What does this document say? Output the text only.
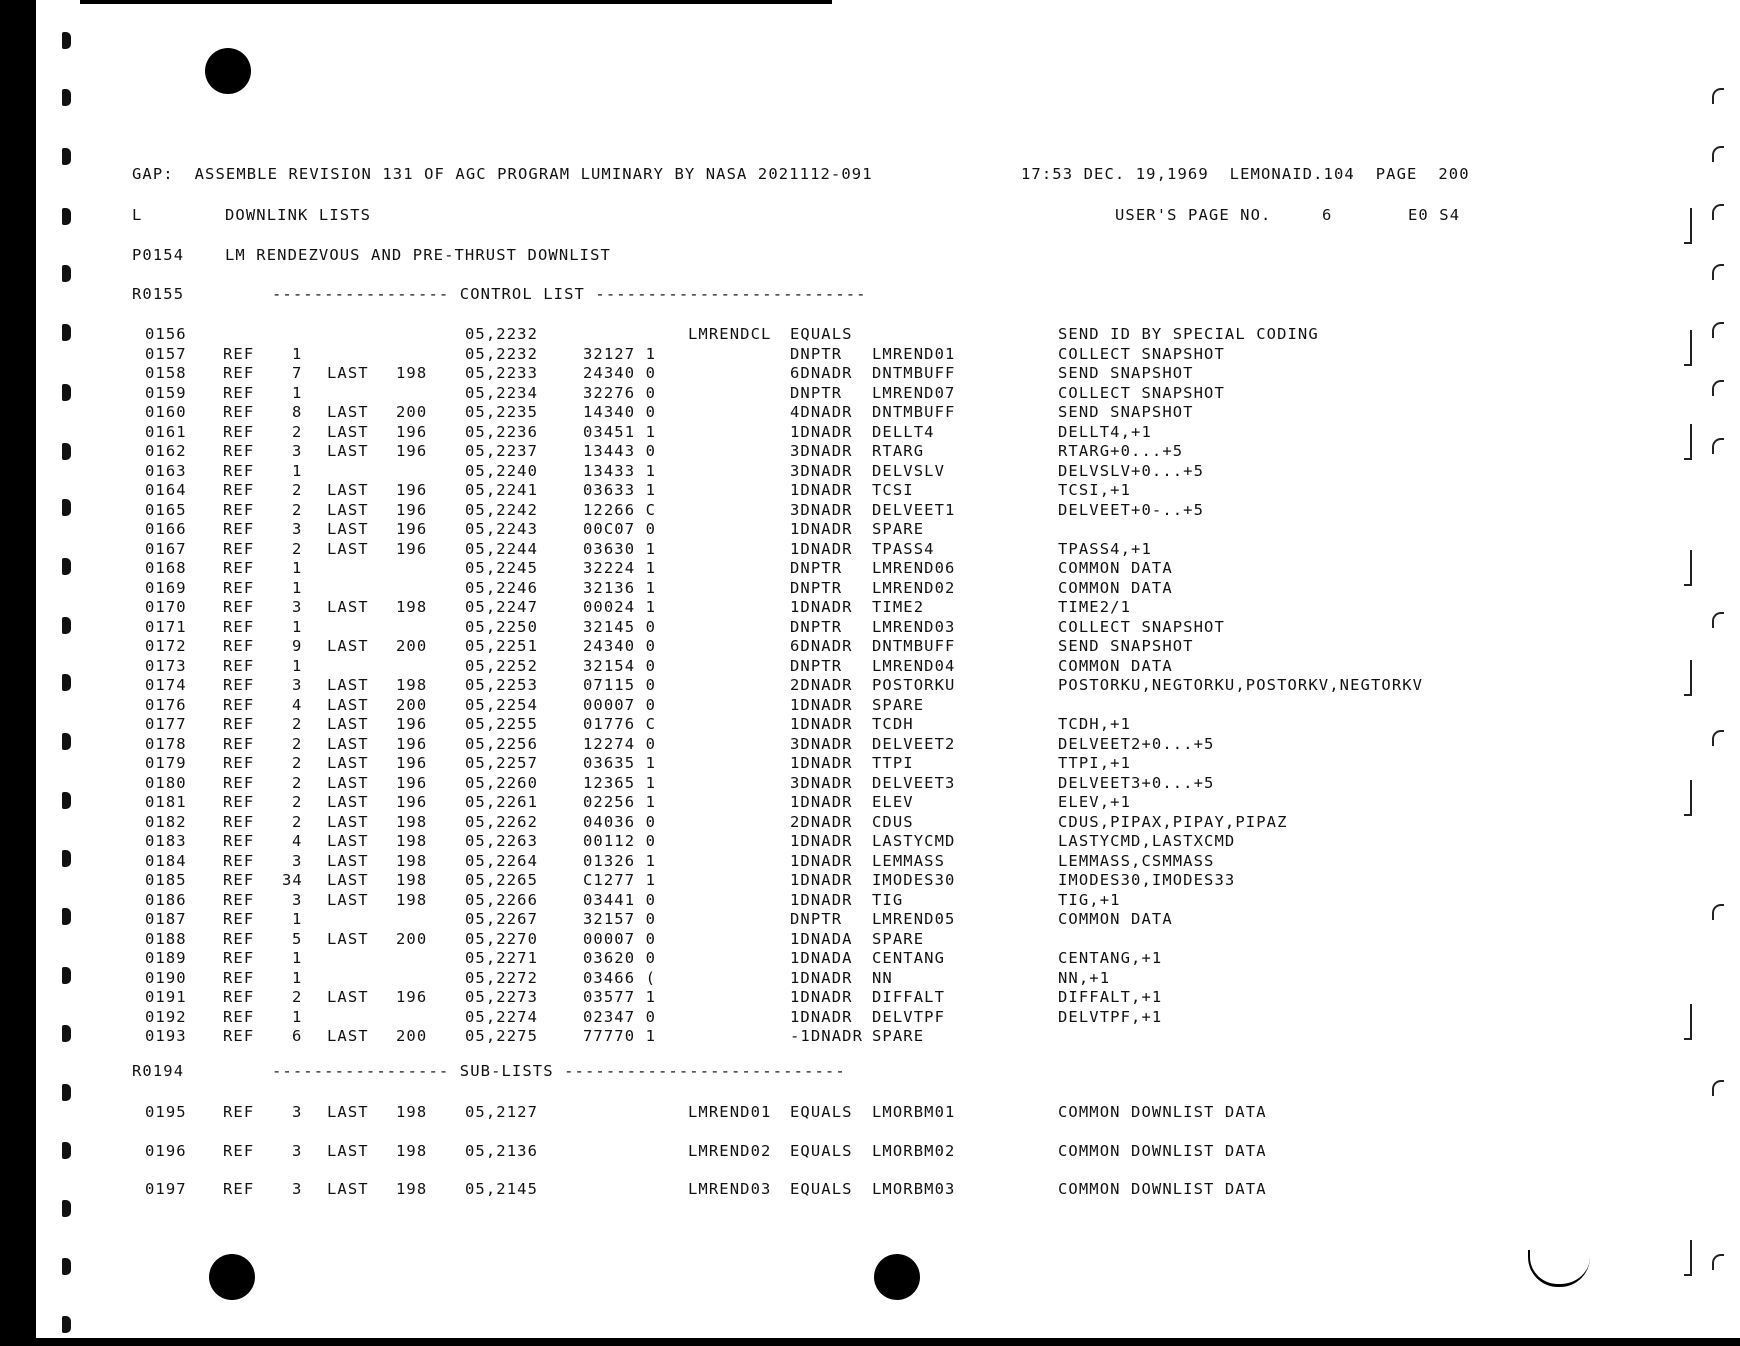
GAP:  ASSEMBLE REVISION 131 OF AGC PROGRAM LUMINARY BY NASA 2021112-091	17:53 DEC. 19,1969 LEMONAID.104 PAGE 200
L	DOWNLINK LISTS	USER'S PAGE NO.	6	E0 S4
P0154	LM RENDEZVOUS AND PRE-THRUST DOWNLIST
R0155	----------------- CONTROL LIST --------------------------
0156	05,2232	LMRENDCL EQUALS	SEND ID BY SPECIAL CODING
0157 REF 1	05,2232	32127 1	DNPTR LMREND01	COLLECT SNAPSHOT
0158 REF 7 LAST 198 05,2233	24340 0	6DNADR DNTMBUFF	SEND SNAPSHOT
0159 REF 1	05,2234	32276 0	DNPTR LMREND07	COLLECT SNAPSHOT
0160 REF 8 LAST 200 05,2235	14340 0	4DNADR DNTMBUFF	SEND SNAPSHOT
0161 REF 2 LAST 196 05,2236	03451 1	1DNADR DELLT4	DELLT4,+1
0162 REF 3 LAST 196 05,2237	13443 0	3DNADR RTARG	RTARG+0...+5
0163 REF 1	05,2240	13433 1	3DNADR DELVSLV	DELVSLV+0...+5
0164 REF 2 LAST 196 05,2241	03633 1	1DNADR TCSI	TCSI,+1
0165 REF 2 LAST 196 05,2242	12266 C	3DNADR DELVEET1	DELVEET+0-..+5
0166 REF 3 LAST 196 05,2243	00C07 0	1DNADR SPARE
0167 REF 2 LAST 196 05,2244	03630 1	1DNADR TPASS4	TPASS4,+1
0168 REF 1	05,2245	32224 1	DNPTR LMREND06	COMMON DATA
0169 REF 1	05,2246	32136 1	DNPTR LMREND02	COMMON DATA
0170 REF 3 LAST 198 05,2247	00024 1	1DNADR TIME2	TIME2/1
0171 REF 1	05,2250	32145 0	DNPTR LMREND03	COLLECT SNAPSHOT
0172 REF 9 LAST 200 05,2251	24340 0	6DNADR DNTMBUFF	SEND SNAPSHOT
0173 REF 1	05,2252	32154 0	DNPTR LMREND04	COMMON DATA
0174 REF 3 LAST 198 05,2253	07115 0	2DNADR POSTORKU	POSTORKU,NEGTORKU,POSTORKV,NEGTORKV
0176 REF 4 LAST 200 05,2254	00007 0	1DNADR SPARE
0177 REF 2 LAST 196 05,2255	01776 C	1DNADR TCDH	TCDH,+1
0178 REF 2 LAST 196 05,2256	12274 0	3DNADR DELVEET2	DELVEET2+0...+5
0179 REF 2 LAST 196 05,2257	03635 1	1DNADR TTPI	TTPI,+1
0180 REF 2 LAST 196 05,2260	12365 1	3DNADR DELVEET3	DELVEET3+0...+5
0181 REF 2 LAST 196 05,2261	02256 1	1DNADR ELEV	ELEV,+1
0182 REF 2 LAST 198 05,2262	04036 0	2DNADR CDUS	CDUS,PIPAX,PIPAY,PIPAZ
0183 REF 4 LAST 198 05,2263	00112 0	1DNADR LASTYCMD	LASTYCMD,LASTXCMD
0184 REF 3 LAST 198 05,2264	01326 1	1DNADR LEMMASS	LEMMASS,CSMMASS
0185 REF 34 LAST 198 05,2265	C1277 1	1DNADR IMODES30	IMODES30,IMODES33
0186 REF 3 LAST 198 05,2266	03441 0	1DNADR TIG	TIG,+1
0187 REF 1	05,2267	32157 0	DNPTR LMREND05	COMMON DATA
0188 REF 5 LAST 200 05,2270	00007 0	1DNADA SPARE
0189 REF 1	05,2271	03620 0	1DNADA CENTANG	CENTANG,+1
0190 REF 1	05,2272	03466 (	1DNADR NN	NN,+1
0191 REF 2 LAST 196 05,2273	03577 1	1DNADR DIFFALT	DIFFALT,+1
0192 REF 1	05,2274	02347 0	1DNADR DELVTPF	DELVTPF,+1
0193 REF 6 LAST 200 05,2275	77770 1	-1DNADR SPARE
R0194	----------------- SUB-LISTS ---------------------------
0195 REF 3 LAST 198 05,2127	LMREND01 EQUALS LMORBM01	COMMON DOWNLIST DATA
0196 REF 3 LAST 198 05,2136	LMREND02 EQUALS LMORBM02	COMMON DOWNLIST DATA
0197 REF 3 LAST 198 05,2145	LMREND03 EQUALS LMORBM03	COMMON DOWNLIST DATA
